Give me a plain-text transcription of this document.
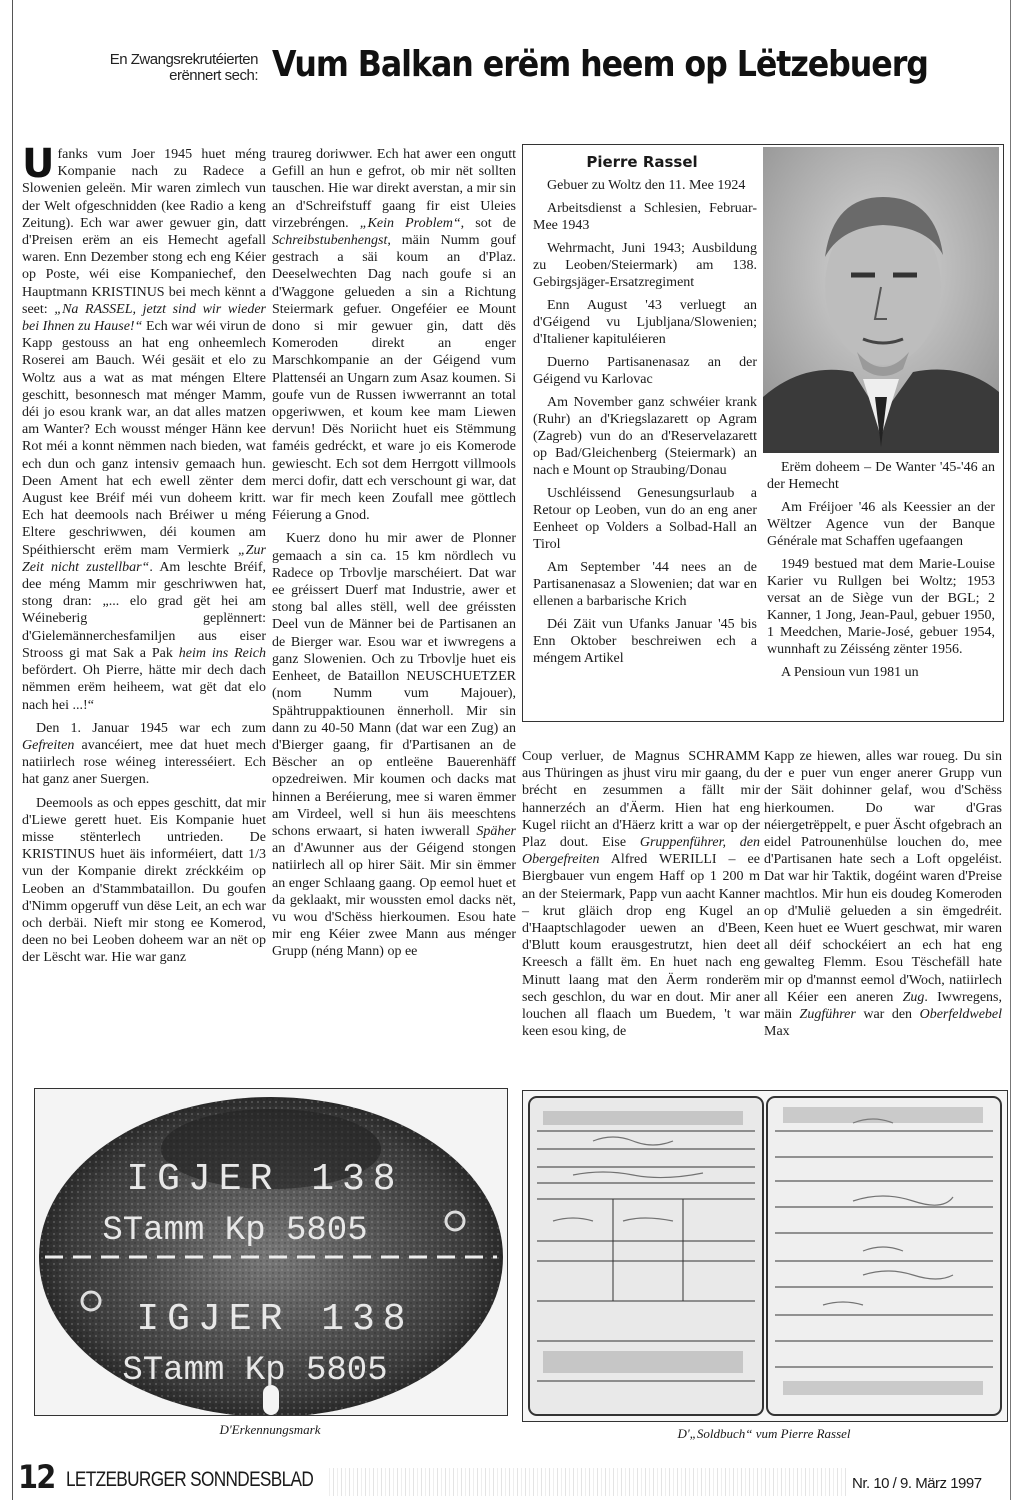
En Zwangsrekrutéierten
erënnert sech: Vum Balkan erëm heem op Lëtzebuerg

Ufanks vum Joer 1945 huet méng Kompanie nach zu Radece a Slowenien geleën. Mir waren zimlech vun der Welt ofgeschnidden (kee Radio a keng Zeitung). Ech war awer gewuer gin, datt d'Preisen erëm an eis Hemecht agefall waren. Enn Dezember stong ech eng Kéier op Poste, wéi eise Kompaniechef, den Hauptmann KRISTINUS bei mech kënnt a seet: „Na RASSEL, jetzt sind wir wieder bei Ihnen zu Hause!“ Ech war wéi virun de Kapp gestouss an hat eng onheemlech Roserei am Bauch. Wéi gesäit et elo zu Woltz aus a wat as mat méngen Eltere geschitt, besonnesch mat ménger Mamm, déi jo esou krank war, an dat alles matzen am Wanter? Ech wousst ménger Hänn kee Rot méi a konnt nëmmen nach bieden, wat ech dun och ganz intensiv gemaach hun. Deen Ament hat ech ewell zënter dem August kee Bréif méi vun doheem kritt. Ech hat deemools nach Bréiwer u méng Eltere geschriwwen, déi koumen am Spéithierscht erëm mam Vermierk „Zur Zeit nicht zustellbar“. Am leschte Bréif, dee méng Mamm mir geschriwwen hat, stong dran: „... elo grad gët hei am Wéineberig geplënnert: d'Gielemännerchesfamiljen aus eiser Strooss gi mat Sak a Pak heim ins Reich befördert. Oh Pierre, hätte mir dech dach nëmmen erëm heiheem, wat gët dat elo nach hei ...!“

Den 1. Januar 1945 war ech zum Gefreiten avancéiert, mee dat huet mech natiirlech rose wéineg interesséiert. Ech hat ganz aner Suergen.

Deemools as och eppes geschitt, dat mir d'Liewe gerett huet. Eis Kompanie huet misse stënterlech untrieden. De KRISTINUS huet äis informéiert, datt 1/3 vun der Kompanie direkt zréckkéim op Leoben an d'Stammbataillon. Du goufen d'Nimm opgeruff vun dëse Leit, an ech war och derbäi. Nieft mir stong ee Komerod, deen no bei Leoben doheem war an nët op der Lëscht war. Hie war ganz

traureg doriwwer. Ech hat awer een ongutt Gefill an hun e gefrot, ob mir nët sollten tauschen. Hie war direkt averstan, a mir sin an d'Schreifstuff gaang fir eist Uleies virzebréngen. „Kein Problem“, sot de Schreibstubenhengst, mäin Numm gouf gestrach a säi koum an d'Plaz. Deeselwechten Dag nach goufe si an d'Waggone gelueden a sin a Richtung Steiermark gefuer. Ongeféier ee Mount dono si mir gewuer gin, datt dës Komeroden direkt an enger Marschkompanie an der Géigend vum Plattenséi an Ungarn zum Asaz koumen. Si goufe vun de Russen iwwerrannt an total opgeriwwen, et koum kee mam Liewen dervun! Dës Noriicht huet eis Stëmmung faméis gedréckt, et ware jo eis Komerode gewiescht. Ech sot dem Herrgott villmools merci dofir, datt ech verschount gi war, dat war fir mech keen Zoufall mee göttlech Féierung a Gnod.

Kuerz dono hu mir awer de Plonner gemaach a sin ca. 15 km nördlech vu Radece op Trbovlje marschéiert. Dat war ee gréissert Duerf mat Industrie, awer et stong bal alles stëll, well dee gréissten Deel vun de Männer bei de Partisanen an de Bierger war. Esou war et iwwregens a ganz Slowenien. Och zu Trbovlje huet eis Eenheet, de Bataillon NEUSCHUETZER (nom Numm vum Majouer), Spähtruppaktiounen ënnerholl. Mir sin dann zu 40-50 Mann (dat war een Zug) an d'Bierger gaang, fir d'Partisanen an de Bëscher an op entleëne Bauerenhäff opzedreiwen. Mir koumen och dacks mat hinnen a Beréierung, mee si waren ëmmer am Virdeel, well si hun äis meeschtens schons erwaart, si haten iwwerall Späher an d'Awunner aus der Géigend stongen natiirlech all op hirer Säit. Mir sin ëmmer an enger Schlaang gaang. Op eemol huet et da geklaakt, mir woussten emol dacks nët, vu wou d'Schëss hierkoumen. Esou hate mir eng Kéier zwee Mann aus ménger Grupp (néng Mann) op ee

Pierre Rassel

Gebuer zu Woltz den 11. Mee 1924

Arbeitsdienst a Schlesien, Februar-Mee 1943

Wehrmacht, Juni 1943; Ausbildung zu Leoben/Steiermark) am 138. Gebirgsjäger-Ersatzregiment

Enn August '43 verluegt an d'Géigend vu Ljubljana/Slowenien; d'Italiener kapituléieren

Duerno Partisanenasaz an der Géigend vu Karlovac

Am November ganz schwéier krank (Ruhr) an d'Kriegslazarett op Agram (Zagreb) vun do an d'Reservelazarett op Bad/Gleichenberg (Steiermark) an nach e Mount op Straubing/Donau

Uschléissend Genesungsurlaub a Retour op Leoben, vun do an eng aner Eenheet op Volders a Solbad-Hall an Tirol

Am September '44 nees an de Partisanenasaz a Slowenien; dat war en ellenen a barbarische Krich

Déi Zäit vun Ufanks Januar '45 bis Enn Oktober beschreiwen ech a méngem Artikel

Erëm doheem – De Wanter '45-'46 an der Hemecht

Am Fréijoer '46 als Keessier an der Wëltzer Agence vun der Banque Générale mat Schaffen ugefaangen

1949 bestued mat dem Marie-Louise Karier vu Rullgen bei Woltz; 1953 versat an de Siège vun der BGL; 2 Kanner, 1 Jong, Jean-Paul, gebuer 1950, 1 Meedchen, Marie-José, gebuer 1954, wunnhaft zu Zéisséng zënter 1956.

A Pensioun vun 1981 un

Coup verluer, de Magnus SCHRAMM aus Thüringen as jhust viru mir gaang, du brécht en zesummen a fällt mir hannerzéch an d'Äerm. Hien hat eng Kugel riicht an d'Häerz kritt a war op der Plaz dout. Eise Gruppenführer, den Obergefreiten Alfred WERILLI – ee Biergbauer vun engem Haff op 1 200 m an der Steiermark, Papp vun aacht Kanner – krut gläich drop eng Kugel an d'Haaptschlagoder uewen an d'Been, d'Blutt koum erausgestrutzt, hien deet Kreesch a fällt ëm. En huet nach eng Minutt laang mat den Äerm ronderëm sech geschlon, du war en dout. Mir aner louchen all flaach um Buedem, 't war keen esou king, de

Kapp ze hiewen, alles war roueg. Du sin der e puer vun enger anerer Grupp vun der Säit dohinner gelaf, wou d'Schëss hierkoumen. Do war d'Gras néiergetrëppelt, e puer Äscht ofgebrach an eidel Patrounenhülse louchen do, mee d'Partisanen hate sech a Loft opgeléist. Dat war hir Taktik, dogéint waren d'Preise machtlos. Mir hun eis doudeg Komeroden op d'Mulië gelueden a sin ëmgedréit. Keen huet ee Wuert geschwat, mir waren all déif schockéiert an ech hat eng gewalteg Flemm. Esou Tëschefäll hate mir op d'mannst eemol d'Woch, natiirlech all Kéier een aneren Zug. Iwwregens, mäin Zugführer war den Oberfeldwebel Max

IGJER 138
STamm Kp 5805
IGJER 138
STamm Kp 5805
D'Erkennungsmark	D'„Soldbuch“ vum Pierre Rassel
12 LETZEBURGER SONNDESBLAD	Nr. 10 / 9. März 1997
